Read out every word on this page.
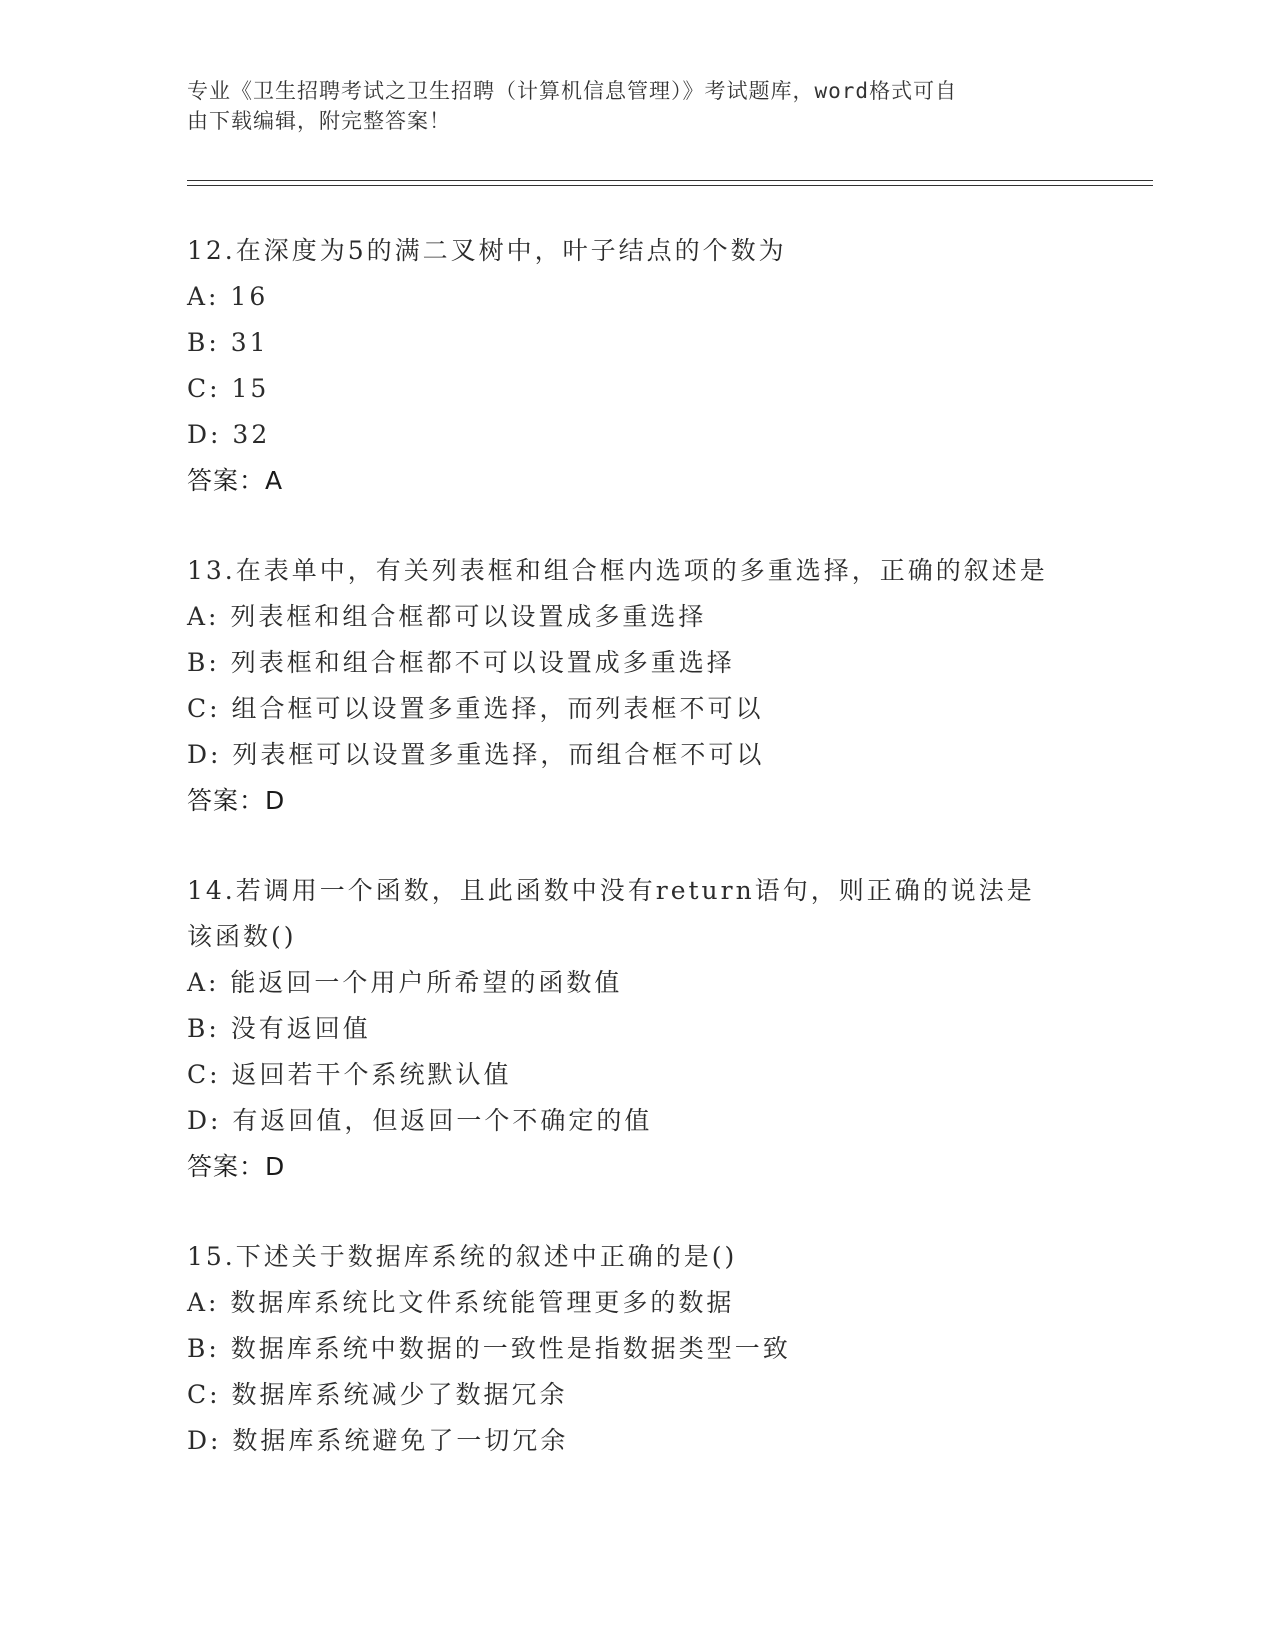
专业《卫生招聘考试之卫生招聘（计算机信息管理）》考试题库，word格式可自
由下载编辑，附完整答案！
12.在深度为5的满二叉树中，叶子结点的个数为
A: 16
B: 31
C: 15
D: 32
答案：A
13.在表单中，有关列表框和组合框内选项的多重选择，正确的叙述是
A: 列表框和组合框都可以设置成多重选择
B: 列表框和组合框都不可以设置成多重选择
C: 组合框可以设置多重选择，而列表框不可以
D: 列表框可以设置多重选择，而组合框不可以
答案：D
14.若调用一个函数，且此函数中没有return语句，则正确的说法是
该函数()
A: 能返回一个用户所希望的函数值
B: 没有返回值
C: 返回若干个系统默认值
D: 有返回值，但返回一个不确定的值
答案：D
15.下述关于数据库系统的叙述中正确的是()
A: 数据库系统比文件系统能管理更多的数据
B: 数据库系统中数据的一致性是指数据类型一致
C: 数据库系统减少了数据冗余
D: 数据库系统避免了一切冗余
